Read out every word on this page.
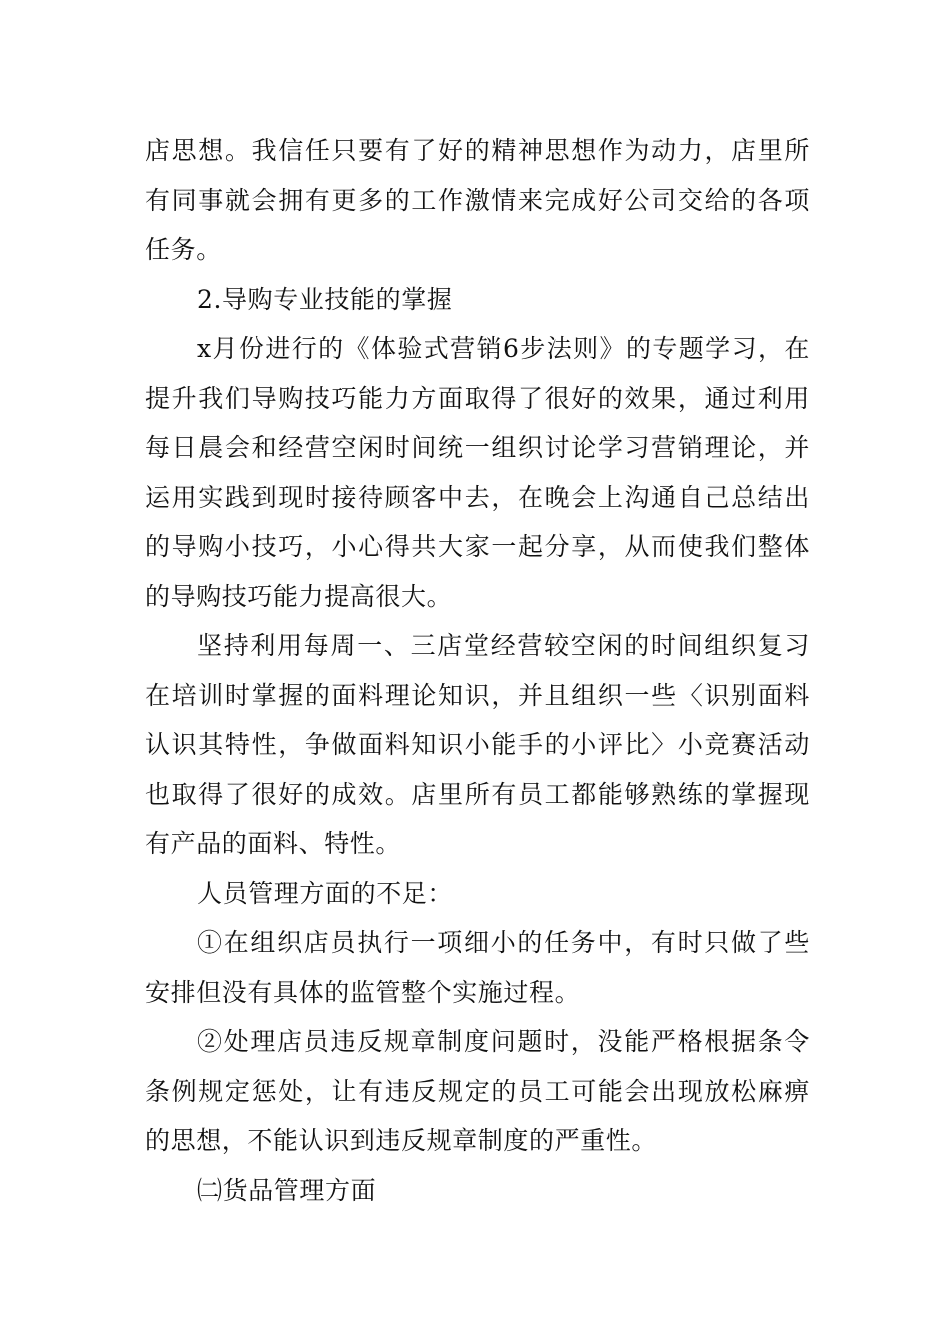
店思想。我信任只要有了好的精神思想作为动力，店里所有同事就会拥有更多的工作激情来完成好公司交给的各项任务。

2.导购专业技能的掌握

x月份进行的《体验式营销6步法则》的专题学习，在提升我们导购技巧能力方面取得了很好的效果，通过利用每日晨会和经营空闲时间统一组织讨论学习营销理论，并运用实践到现时接待顾客中去，在晚会上沟通自己总结出的导购小技巧，小心得共大家一起分享，从而使我们整体的导购技巧能力提高很大。

坚持利用每周一、三店堂经营较空闲的时间组织复习在培训时掌握的面料理论知识，并且组织一些〈识别面料认识其特性，争做面料知识小能手的小评比〉小竞赛活动也取得了很好的成效。店里所有员工都能够熟练的掌握现有产品的面料、特性。

人员管理方面的不足：

①在组织店员执行一项细小的任务中，有时只做了些安排但没有具体的监管整个实施过程。

②处理店员违反规章制度问题时，没能严格根据条令条例规定惩处，让有违反规定的员工可能会出现放松麻痹的思想，不能认识到违反规章制度的严重性。

㈡货品管理方面
